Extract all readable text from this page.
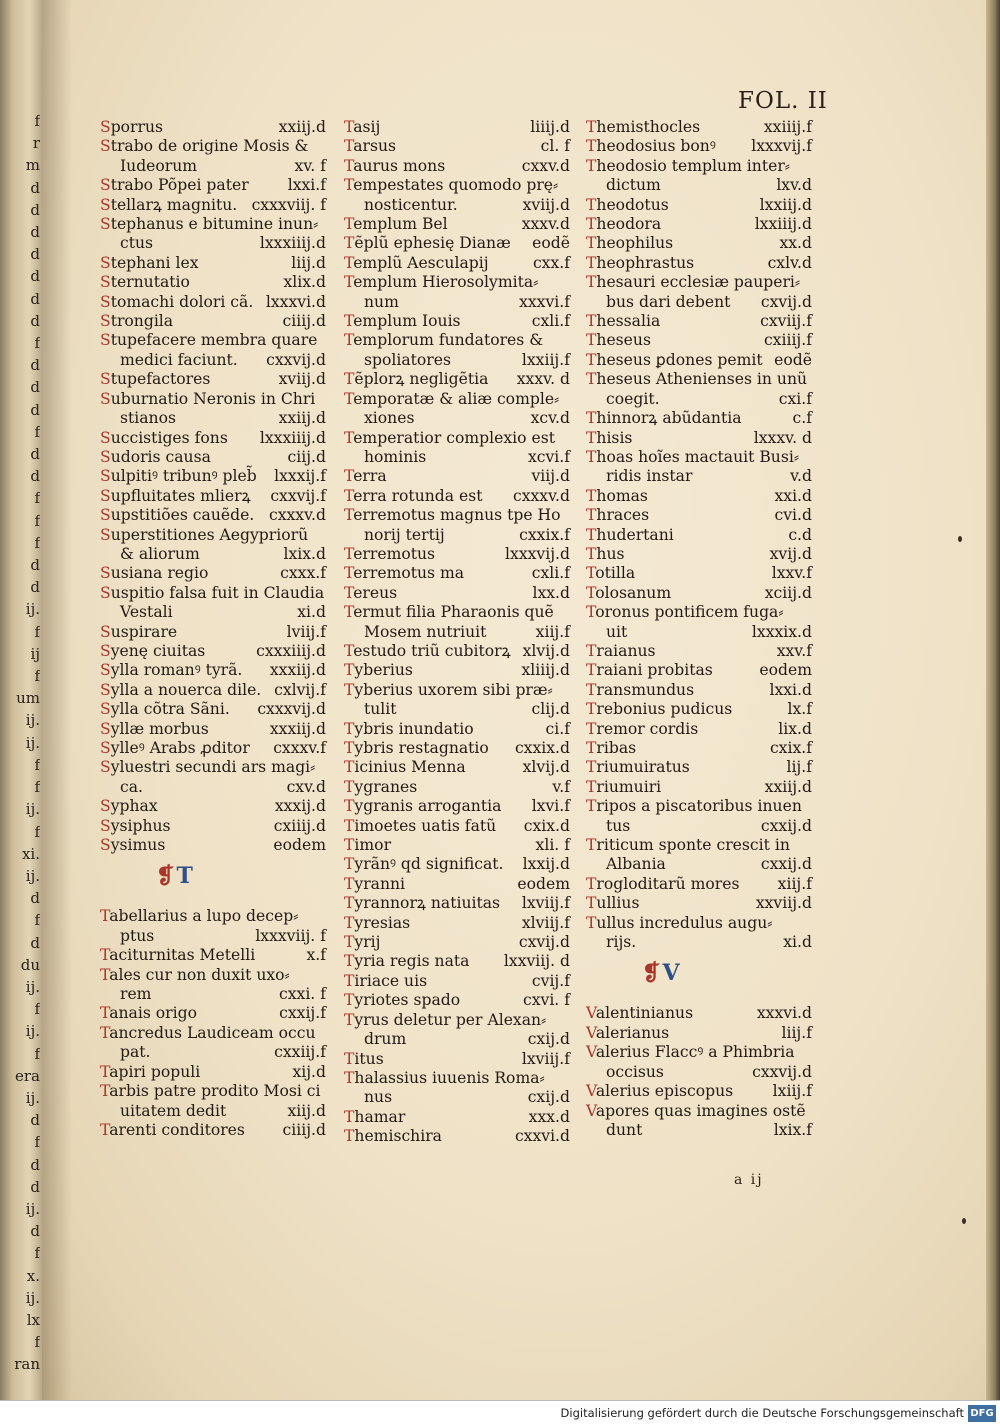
f
r
m
d
d
d
d
d
d
d
f
d
d
d
f
d
d
f
f
f
d
d
ij.
f
ij
f
um
ij.
ij.
f
f
ij.
f
xi.
ij.
d
f
d
du
ij.
f
ij.
f
era
ij.
d
f
d
d
ij.
d
f
x.
ij.
lx
f
ran
FOL. II
Sporrus	xxiij.d
Strabo de origine Mosis &
Iudeorum	xv. f
Strabo Põpei pater	lxxi.f
Stellarꝝ magnitu. cxxxviij. f
Stephanus e bitumine inun⸗
ctus	lxxxiiij.d
Stephani lex	liij.d
Sternutatio	xlix.d
Stomachi dolori cã. lxxxvi.d
Strongila	ciiij.d
Stupefacere membra quare
medici faciunt. cxxvij.d
Stupefactores	xviij.d
Suburnatio Neronis in Chri
stianos	xxiij.d
Succistiges fons lxxxiiij.d
Sudoris causa	ciij.d
Sulpitiꝰ tribunꝰ pleb̃ lxxxij.f
Supfluitates mlierꝝ cxxvij.f
Supstitiões cauẽde. cxxxv.d
Superstitiones Aegypriorũ
& aliorum	lxix.d
Susiana regio	cxxx.f
Suspitio falsa fuit in Claudia
Vestali	xi.d
Suspirare	lviij.f
Syenę ciuitas	cxxxiiij.d
Sylla romanꝰ tyrã. xxxiij.d
Sylla a nouerca dile. cxlvij.f
Sylla cõtra Sãni. cxxxvij.d
Syllæ morbus	xxxiij.d
Sylleꝰ Arabs ꝓditor cxxxv.f
Syluestri secundi ars magi⸗
ca.	cxv.d
Syphax	xxxij.d
Sysiphus	cxiiij.d
Sysimus	eodem
❡T
Tabellarius a lupo decep⸗
ptus	lxxxviij. f
Taciturnitas Metelli	x.f
Tales cur non duxit uxo⸗
rem	cxxi. f
Tanais origo	cxxij.f
Tancredus Laudiceam occu
pat.	cxxiij.f
Tapiri populi	xij.d
Tarbis patre prodito Mosi ci
uitatem dedit	xiij.d
Tarenti conditores ciiij.d
Tasij	liiij.d
Tarsus	cl. f
Taurus mons	cxxv.d
Tempestates quomodo prę⸗
nosticentur.	xviij.d
Templum Bel	xxxv.d
Tẽplũ ephesię Dianæ eodẽ
Templũ Aesculapij	cxx.f
Templum Hierosolymita⸗
num	xxxvi.f
Templum Iouis	cxli.f
Templorum fundatores &
spoliatores	lxxiij.f
Tẽplorꝝ negligẽtia xxxv. d
Temporatæ & aliæ comple⸗
xiones	xcv.d
Temperatior complexio est
hominis	xcvi.f
Terra	viij.d
Terra rotunda est cxxxv.d
Terremotus magnus tpe Ho
norij tertij	cxxix.f
Terremotus	lxxxvij.d
Terremotus ma	cxli.f
Tereus	lxx.d
Termut filia Pharaonis quẽ
Mosem nutriuit	xiij.f
Testudo triũ cubitorꝝ xlvij.d
Tyberius	xliiij.d
Tyberius uxorem sibi præ⸗
tulit	clij.d
Tybris inundatio	ci.f
Tybris restagnatio cxxix.d
Ticinius Menna	xlvij.d
Tygranes	v.f
Tygranis arrogantia lxvi.f
Timoetes uatis fatũ cxix.d
Timor	xli. f
Tyrãnꝰ qd significat. lxxij.d
Tyranni	eodem
Tyrannorꝝ natiuitas lxviij.f
Tyresias	xlviij.f
Tyrij	cxvij.d
Tyria regis nata lxxviij. d
Tiriace uis	cvij.f
Tyriotes spado	cxvi. f
Tyrus deletur per Alexan⸗
drum	cxij.d
Titus	lxviij.f
Thalassius iuuenis Roma⸗
nus	cxij.d
Thamar	xxx.d
Themischira	cxxvi.d
Themisthocles	xxiiij.f
Theodosius bonꝰ lxxxvij.f
Theodosio templum inter⸗
dictum	lxv.d
Theodotus	lxxiij.d
Theodora	lxxiiij.d
Theophilus	xx.d
Theophrastus	cxlv.d
Thesauri ecclesiæ pauperi⸗
bus dari debent cxvij.d
Thessalia	cxviij.f
Theseus	cxiiij.f
Theseus ꝑdones pemit eodẽ
Theseus Athenienses in unũ
coegit.	cxi.f
Thinnorꝝ abũdantia	c.f
Thisis	lxxxv. d
Thoas hoĩes mactauit Busi⸗
ridis instar	v.d
Thomas	xxi.d
Thraces	cvi.d
Thudertani	c.d
Thus	xvij.d
Totilla	lxxv.f
Tolosanum	xciij.d
Toronus pontificem fuga⸗
uit	lxxxix.d
Traianus	xxv.f
Traiani probitas	eodem
Transmundus	lxxi.d
Trebonius pudicus	lx.f
Tremor cordis	lix.d
Tribas	cxix.f
Triumuiratus	lij.f
Triumuiri	xxiij.d
Tripos a piscatoribus inuen
tus	cxxij.d
Triticum sponte crescit in
Albania	cxxij.d
Trogloditarũ mores xiij.f
Tullius	xxviij.d
Tullus incredulus augu⸗
rijs.	xi.d
❡V
Valentinianus	xxxvi.d
Valerianus	liij.f
Valerius Flaccꝰ a Phimbria
occisus	cxxvij.d
Valerius episcopus	lxiij.f
Vapores quas imagines ostẽ
dunt	lxix.f
a ij
Digitalisierung gefördert durch die Deutsche Forschungsgemeinschaft DFG
